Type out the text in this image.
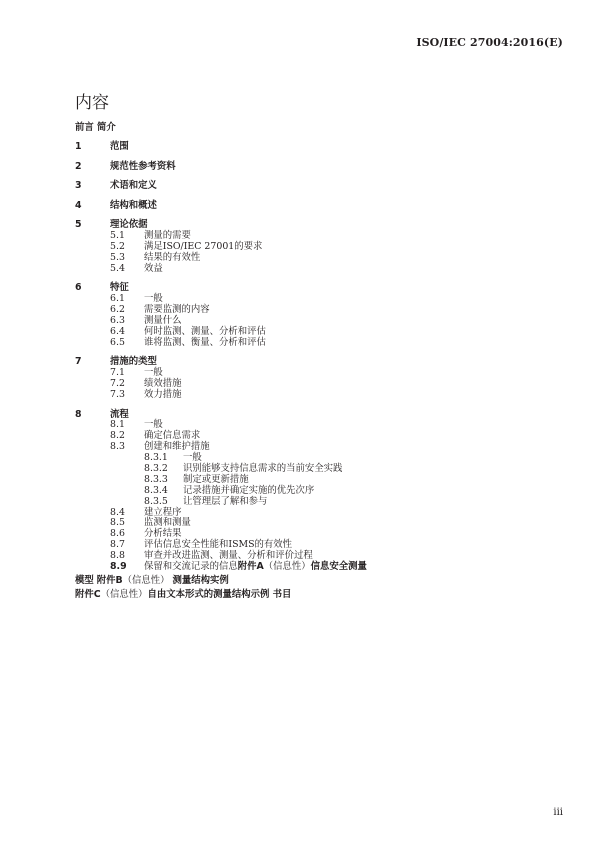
ISO/IEC 27004:2016(E)
内容
前言 简介
1	范围
2	规范性参考资料
3	术语和定义
4	结构和概述
5	理论依据
5.1 测量的需要
5.2 满足ISO/IEC 27001的要求
5.3 结果的有效性
5.4 效益
6	特征
6.1 一般
6.2 需要监测的内容
6.3 测量什么
6.4 何时监测、测量、分析和评估
6.5 谁将监测、衡量、分析和评估
7	措施的类型
7.1 一般
7.2 绩效措施
7.3 效力措施
8	流程
8.1 一般
8.2 确定信息需求
8.3 创建和维护措施
8.3.1 一般
8.3.2 识别能够支持信息需求的当前安全实践
8.3.3 制定或更新措施
8.3.4 记录措施并确定实施的优先次序
8.3.5 让管理层了解和参与
8.4 建立程序
8.5 监测和测量
8.6 分析结果
8.7 评估信息安全性能和ISMS的有效性
8.8 审查并改进监测、测量、分析和评价过程
8.9 保留和交流记录的信息附件A（信息性）信息安全测量
模型 附件B（信息性） 测量结构实例
附件C（信息性）自由文本形式的测量结构示例 书目
iii
